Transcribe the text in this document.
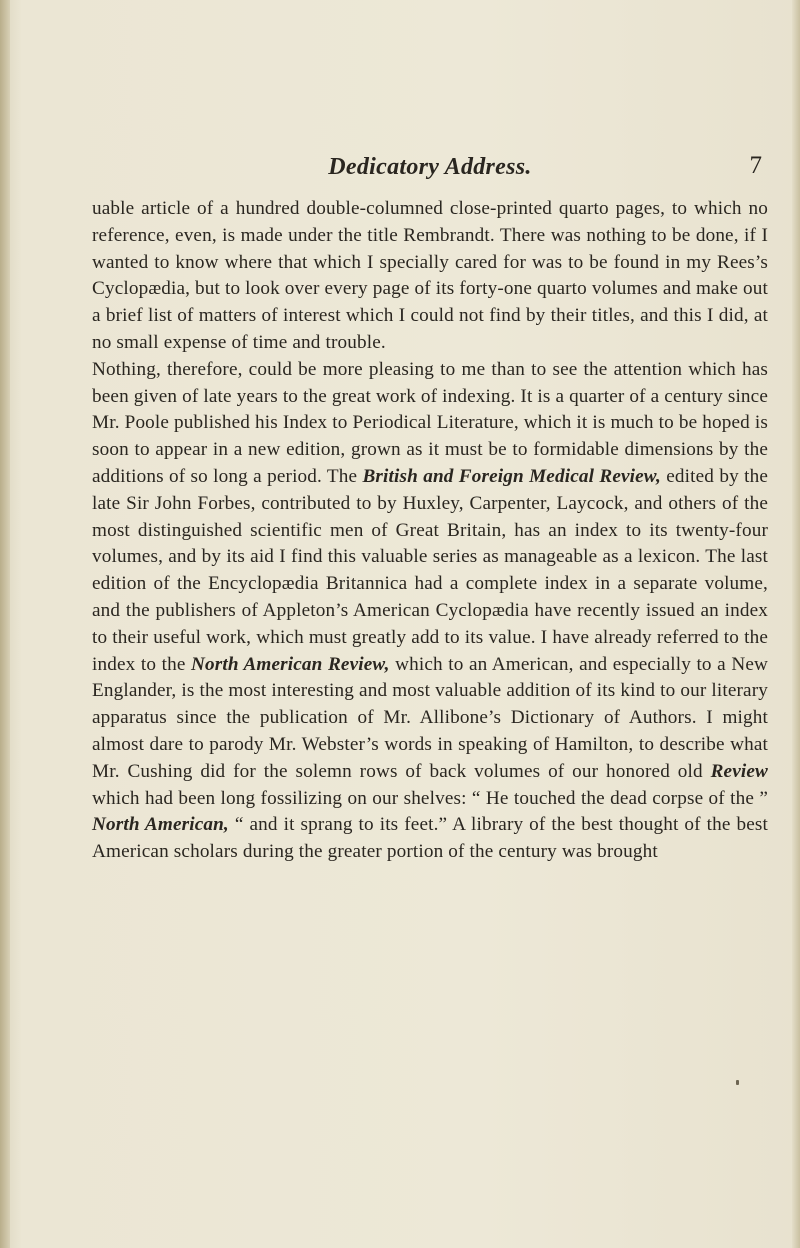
Dedicatory Address.	7

uable article of a hundred double-columned close-printed quarto pages, to which no reference, even, is made under the title Rembrandt. There was nothing to be done, if I wanted to know where that which I specially cared for was to be found in my Rees’s Cyclopædia, but to look over every page of its forty-one quarto volumes and make out a brief list of matters of interest which I could not find by their titles, and this I did, at no small expense of time and trouble.

Nothing, therefore, could be more pleasing to me than to see the attention which has been given of late years to the great work of indexing. It is a quarter of a century since Mr. Poole published his Index to Periodical Literature, which it is much to be hoped is soon to appear in a new edition, grown as it must be to formidable dimensions by the additions of so long a period. The British and Foreign Medical Review, edited by the late Sir John Forbes, contributed to by Huxley, Carpenter, Laycock, and others of the most distinguished scientific men of Great Britain, has an index to its twenty-four volumes, and by its aid I find this valuable series as manageable as a lexicon. The last edition of the Encyclopædia Britannica had a complete index in a separate volume, and the publishers of Appleton’s American Cyclopædia have recently issued an index to their useful work, which must greatly add to its value. I have already referred to the index to the North American Review, which to an American, and especially to a New Englander, is the most interesting and most valuable addition of its kind to our literary apparatus since the publication of Mr. Allibone’s Dictionary of Authors. I might almost dare to parody Mr. Webster’s words in speaking of Hamilton, to describe what Mr. Cushing did for the solemn rows of back volumes of our honored old Review which had been long fossilizing on our shelves: “ He touched the dead corpse of the ” North American, “ and it sprang to its feet.” A library of the best thought of the best American scholars during the greater portion of the century was brought
